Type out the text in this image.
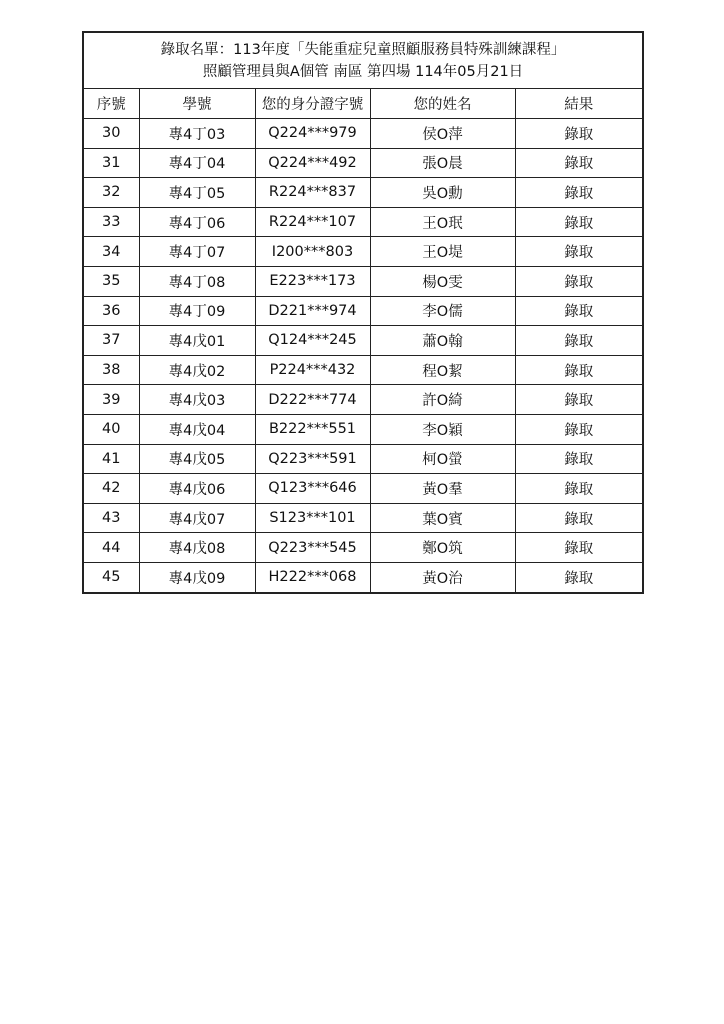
錄取名單：113年度「失能重症兒童照顧服務員特殊訓練課程」
照顧管理員與A個管 南區 第四場 114年05月21日				

序號	學號	您的身分證字號	您的姓名	結果
30	專4丁03	Q224***979	侯O萍	錄取
31	專4丁04	Q224***492	張O晨	錄取
32	專4丁05	R224***837	吳O勳	錄取
33	專4丁06	R224***107	王O珉	錄取
34	專4丁07	I200***803	王O堤	錄取
35	專4丁08	E223***173	楊O雯	錄取
36	專4丁09	D221***974	李O儒	錄取
37	專4戊01	Q124***245	蕭O翰	錄取
38	專4戊02	P224***432	程O絜	錄取
39	專4戊03	D222***774	許O綺	錄取
40	專4戊04	B222***551	李O穎	錄取
41	專4戊05	Q223***591	柯O螢	錄取
42	專4戊06	Q123***646	黃O羣	錄取
43	專4戊07	S123***101	葉O賓	錄取
44	專4戊08	Q223***545	鄭O筑	錄取
45	專4戊09	H222***068	黃O治	錄取
